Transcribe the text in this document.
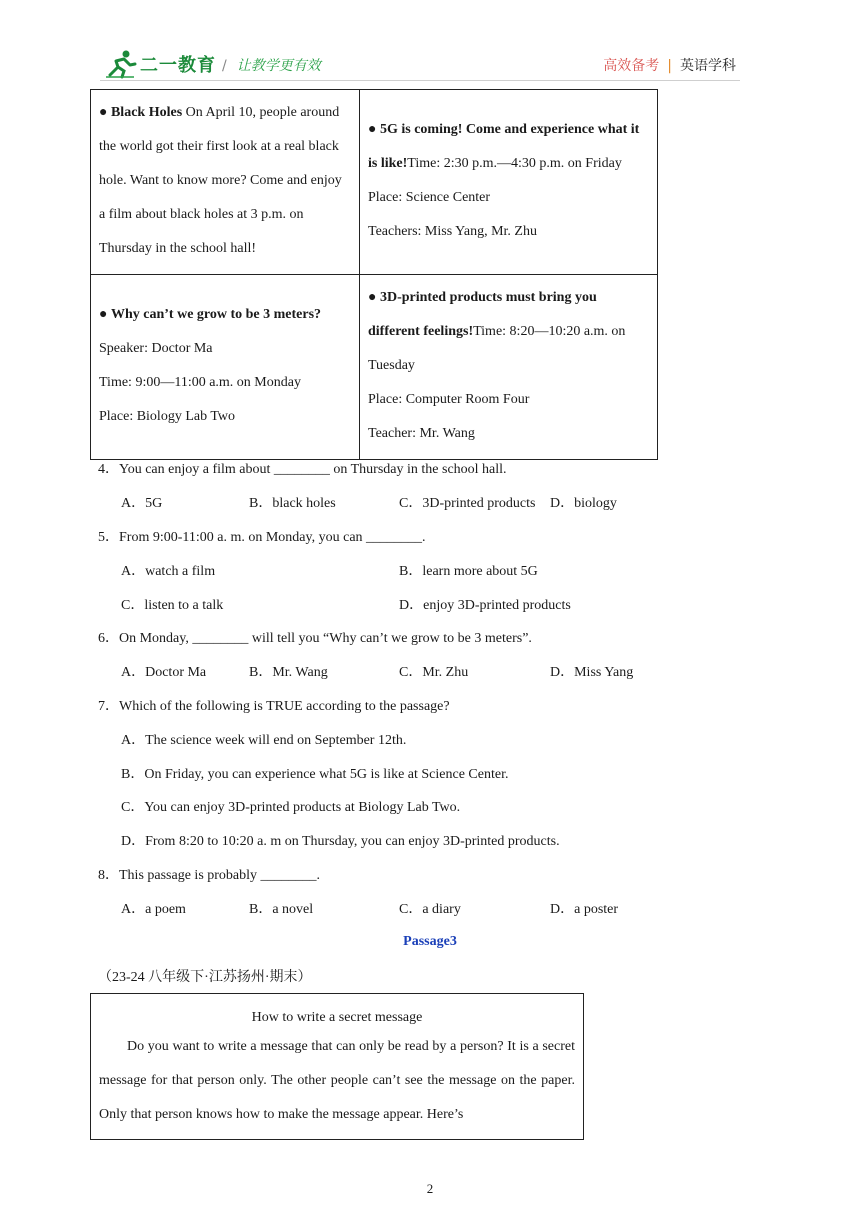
二一教育 / 让教学更有效	高效备考 | 英语学科
● Black Holes On April 10, people around the world got their first look at a real black hole. Want to know more? Come and enjoy a film about black holes at 3 p.m. on Thursday in the school hall!	● 5G is coming! Come and experience what it is like!Time: 2:30 p.m.—4:30 p.m. on Friday
Place: Science Center
Teachers: Miss Yang, Mr. Zhu
● Why can’t we grow to be 3 meters?Speaker: Doctor Ma
Time: 9:00—11:00 a.m. on Monday
Place: Biology Lab Two	● 3D-printed products must bring you different feelings!Time: 8:20—10:20 a.m. on Tuesday
Place: Computer Room Four
Teacher: Mr. Wang
4．You can enjoy a film about ________ on Thursday in the school hall.
A．5G	B．black holes	C．3D-printed products D．biology
5．From 9:00-11:00 a. m. on Monday, you can ________.
A．watch a film	B．learn more about 5G
C．listen to a talk	D．enjoy 3D-printed products
6．On Monday, ________ will tell you “Why can’t we grow to be 3 meters”.
A．Doctor Ma	B．Mr. Wang	C．Mr. Zhu	D．Miss Yang
7．Which of the following is TRUE according to the passage?
A．The science week will end on September 12th.
B．On Friday, you can experience what 5G is like at Science Center.
C．You can enjoy 3D-printed products at Biology Lab Two.
D．From 8:20 to 10:20 a. m on Thursday, you can enjoy 3D-printed products.
8．This passage is probably ________.
A．a poem	B．a novel	C．a diary	D．a poster
Passage3
（23-24 八年级下·江苏扬州·期末）
How to write a secret message
Do you want to write a message that can only be read by a person? It is a secret message for that person only. The other people can’t see the message on the paper. Only that person knows how to make the message appear. Here’s
2
